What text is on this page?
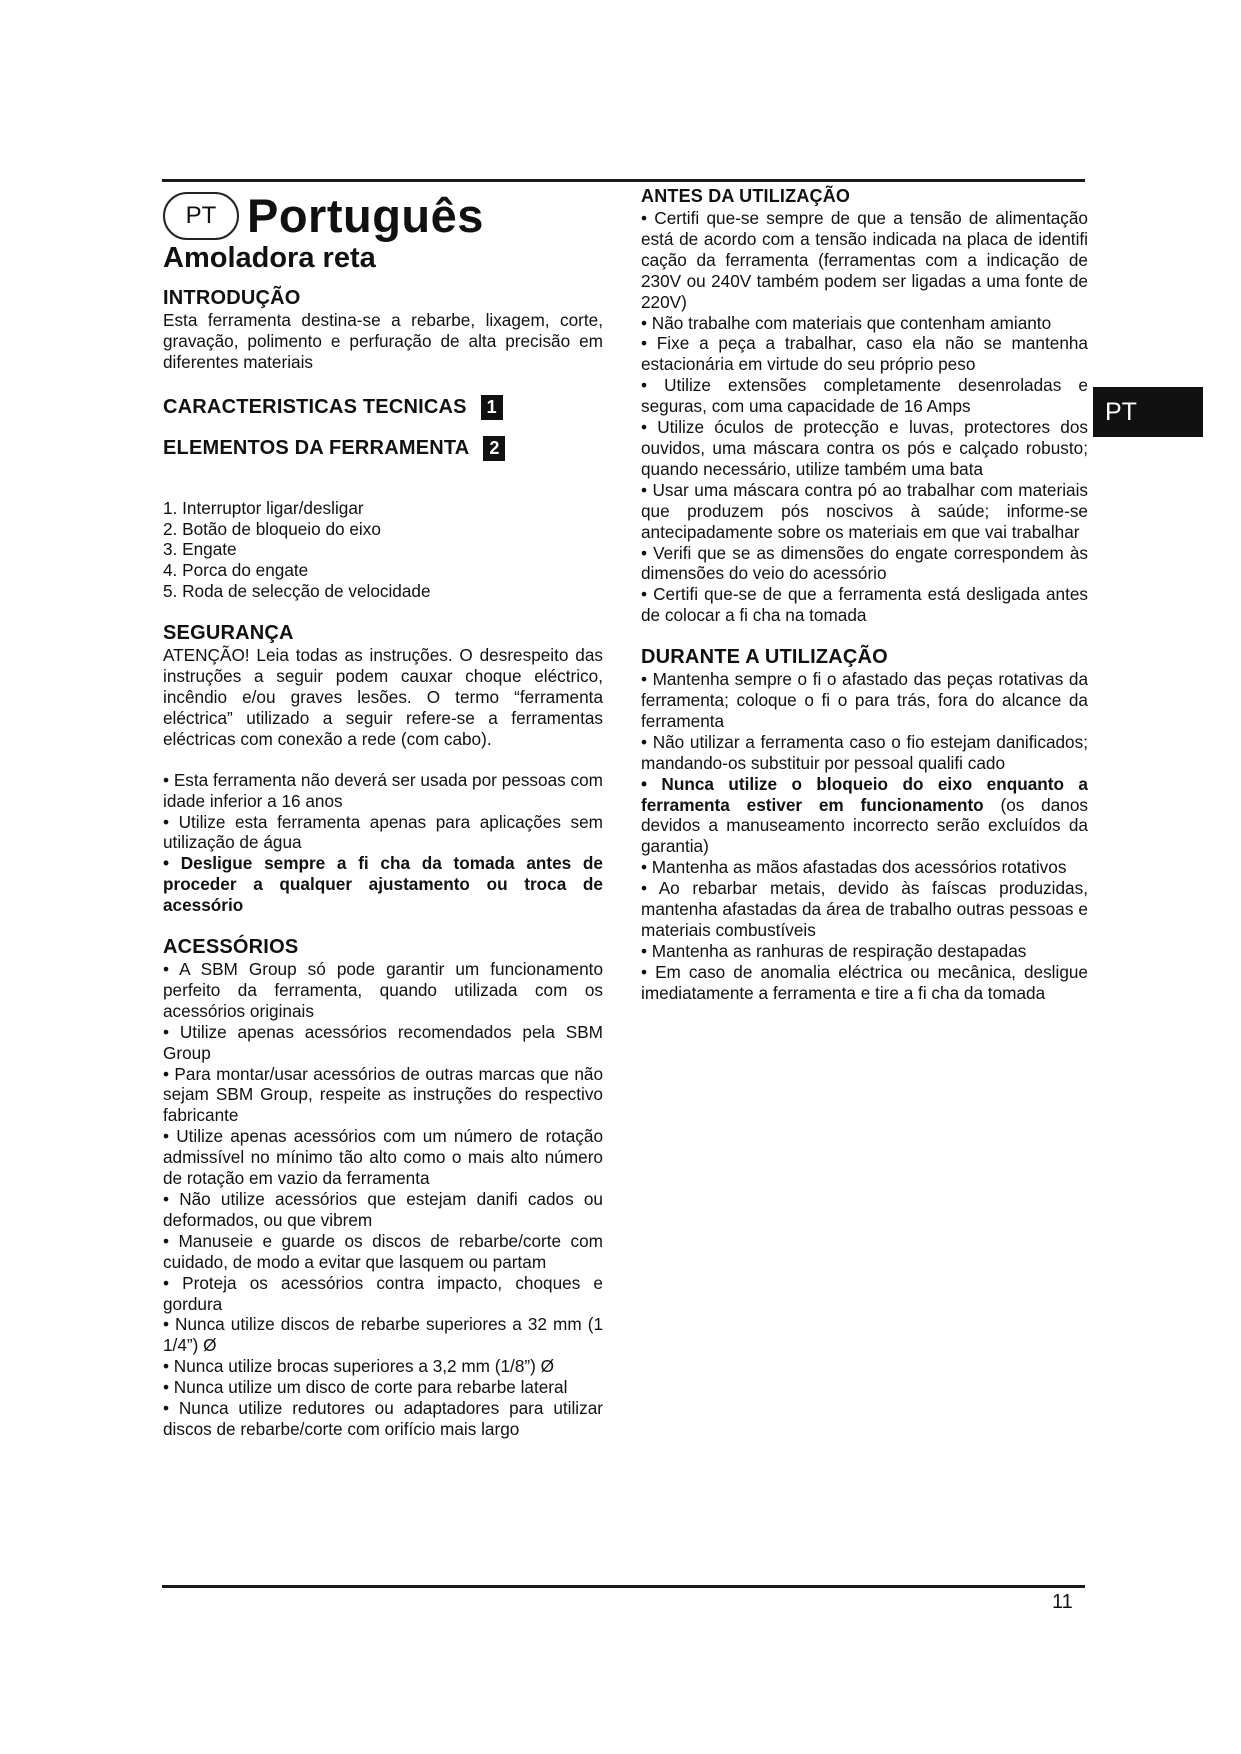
PT Português
Amoladora reta
INTRODUÇÃO

Esta ferramenta destina-se a rebarbe, lixagem, corte, gravação, polimento e perfuração de alta precisão em diferentes materiais

CARACTERISTICAS TECNICAS	1
ELEMENTOS DA FERRAMENTA	2
1. Interruptor ligar/desligar
2. Botão de bloqueio do eixo
3. Engate
4. Porca do engate
5. Roda de selecção de velocidade
SEGURANÇA

ATENÇÃO! Leia todas as instruções. O desrespeito das instruções a seguir podem cauxar choque eléctrico, incêndio e/ou graves lesões. O termo “ferramenta eléctrica” utilizado a seguir refere-se a ferramentas eléctricas com conexão a rede (com cabo).

• Esta ferramenta não deverá ser usada por pessoas com idade inferior a 16 anos

• Utilize esta ferramenta apenas para aplicações sem utilização de água

• Desligue sempre a fi cha da tomada antes de proceder a qualquer ajustamento ou troca de acessório

ACESSÓRIOS

• A SBM Group só pode garantir um funcionamento perfeito da ferramenta, quando utilizada com os acessórios originais

• Utilize apenas acessórios recomendados pela SBM Group

• Para montar/usar acessórios de outras marcas que não sejam SBM Group, respeite as instruções do respectivo fabricante

• Utilize apenas acessórios com um número de rotação admissível no mínimo tão alto como o mais alto número de rotação em vazio da ferramenta

• Não utilize acessórios que estejam danifi cados ou deformados, ou que vibrem

• Manuseie e guarde os discos de rebarbe/corte com cuidado, de modo a evitar que lasquem ou partam

• Proteja os acessórios contra impacto, choques e gordura

• Nunca utilize discos de rebarbe superiores a 32 mm (1 1/4”) Ø

• Nunca utilize brocas superiores a 3,2 mm (1/8”) Ø

• Nunca utilize um disco de corte para rebarbe lateral

• Nunca utilize redutores ou adaptadores para utilizar discos de rebarbe/corte com orifício mais largo

ANTES DA UTILIZAÇÃO

• Certifi que-se sempre de que a tensão de alimentação está de acordo com a tensão indicada na placa de identifi cação da ferramenta (ferramentas com a indicação de 230V ou 240V também podem ser ligadas a uma fonte de 220V)

• Não trabalhe com materiais que contenham amianto

• Fixe a peça a trabalhar, caso ela não se mantenha estacionária em virtude do seu próprio peso

• Utilize extensões completamente desenroladas e seguras, com uma capacidade de 16 Amps

• Utilize óculos de protecção e luvas, protectores dos ouvidos, uma máscara contra os pós e calçado robusto; quando necessário, utilize também uma bata

• Usar uma máscara contra pó ao trabalhar com materiais que produzem pós noscivos à saúde; informe-se antecipadamente sobre os materiais em que vai trabalhar

• Verifi que se as dimensões do engate correspondem às dimensões do veio do acessório

• Certifi que-se de que a ferramenta está desligada antes de colocar a fi cha na tomada

DURANTE A UTILIZAÇÃO

• Mantenha sempre o fi o afastado das peças rotativas da ferramenta; coloque o fi o para trás, fora do alcance da ferramenta

• Não utilizar a ferramenta caso o fio estejam danificados; mandando-os substituir por pessoal qualifi cado

• Nunca utilize o bloqueio do eixo enquanto a ferramenta estiver em funcionamento (os danos devidos a manuseamento incorrecto serão excluídos da garantia)

• Mantenha as mãos afastadas dos acessórios rotativos

• Ao rebarbar metais, devido às faíscas produzidas, mantenha afastadas da área de trabalho outras pessoas e materiais combustíveis

• Mantenha as ranhuras de respiração destapadas

• Em caso de anomalia eléctrica ou mecânica, desligue imediatamente a ferramenta e tire a fi cha da tomada

PT
11
